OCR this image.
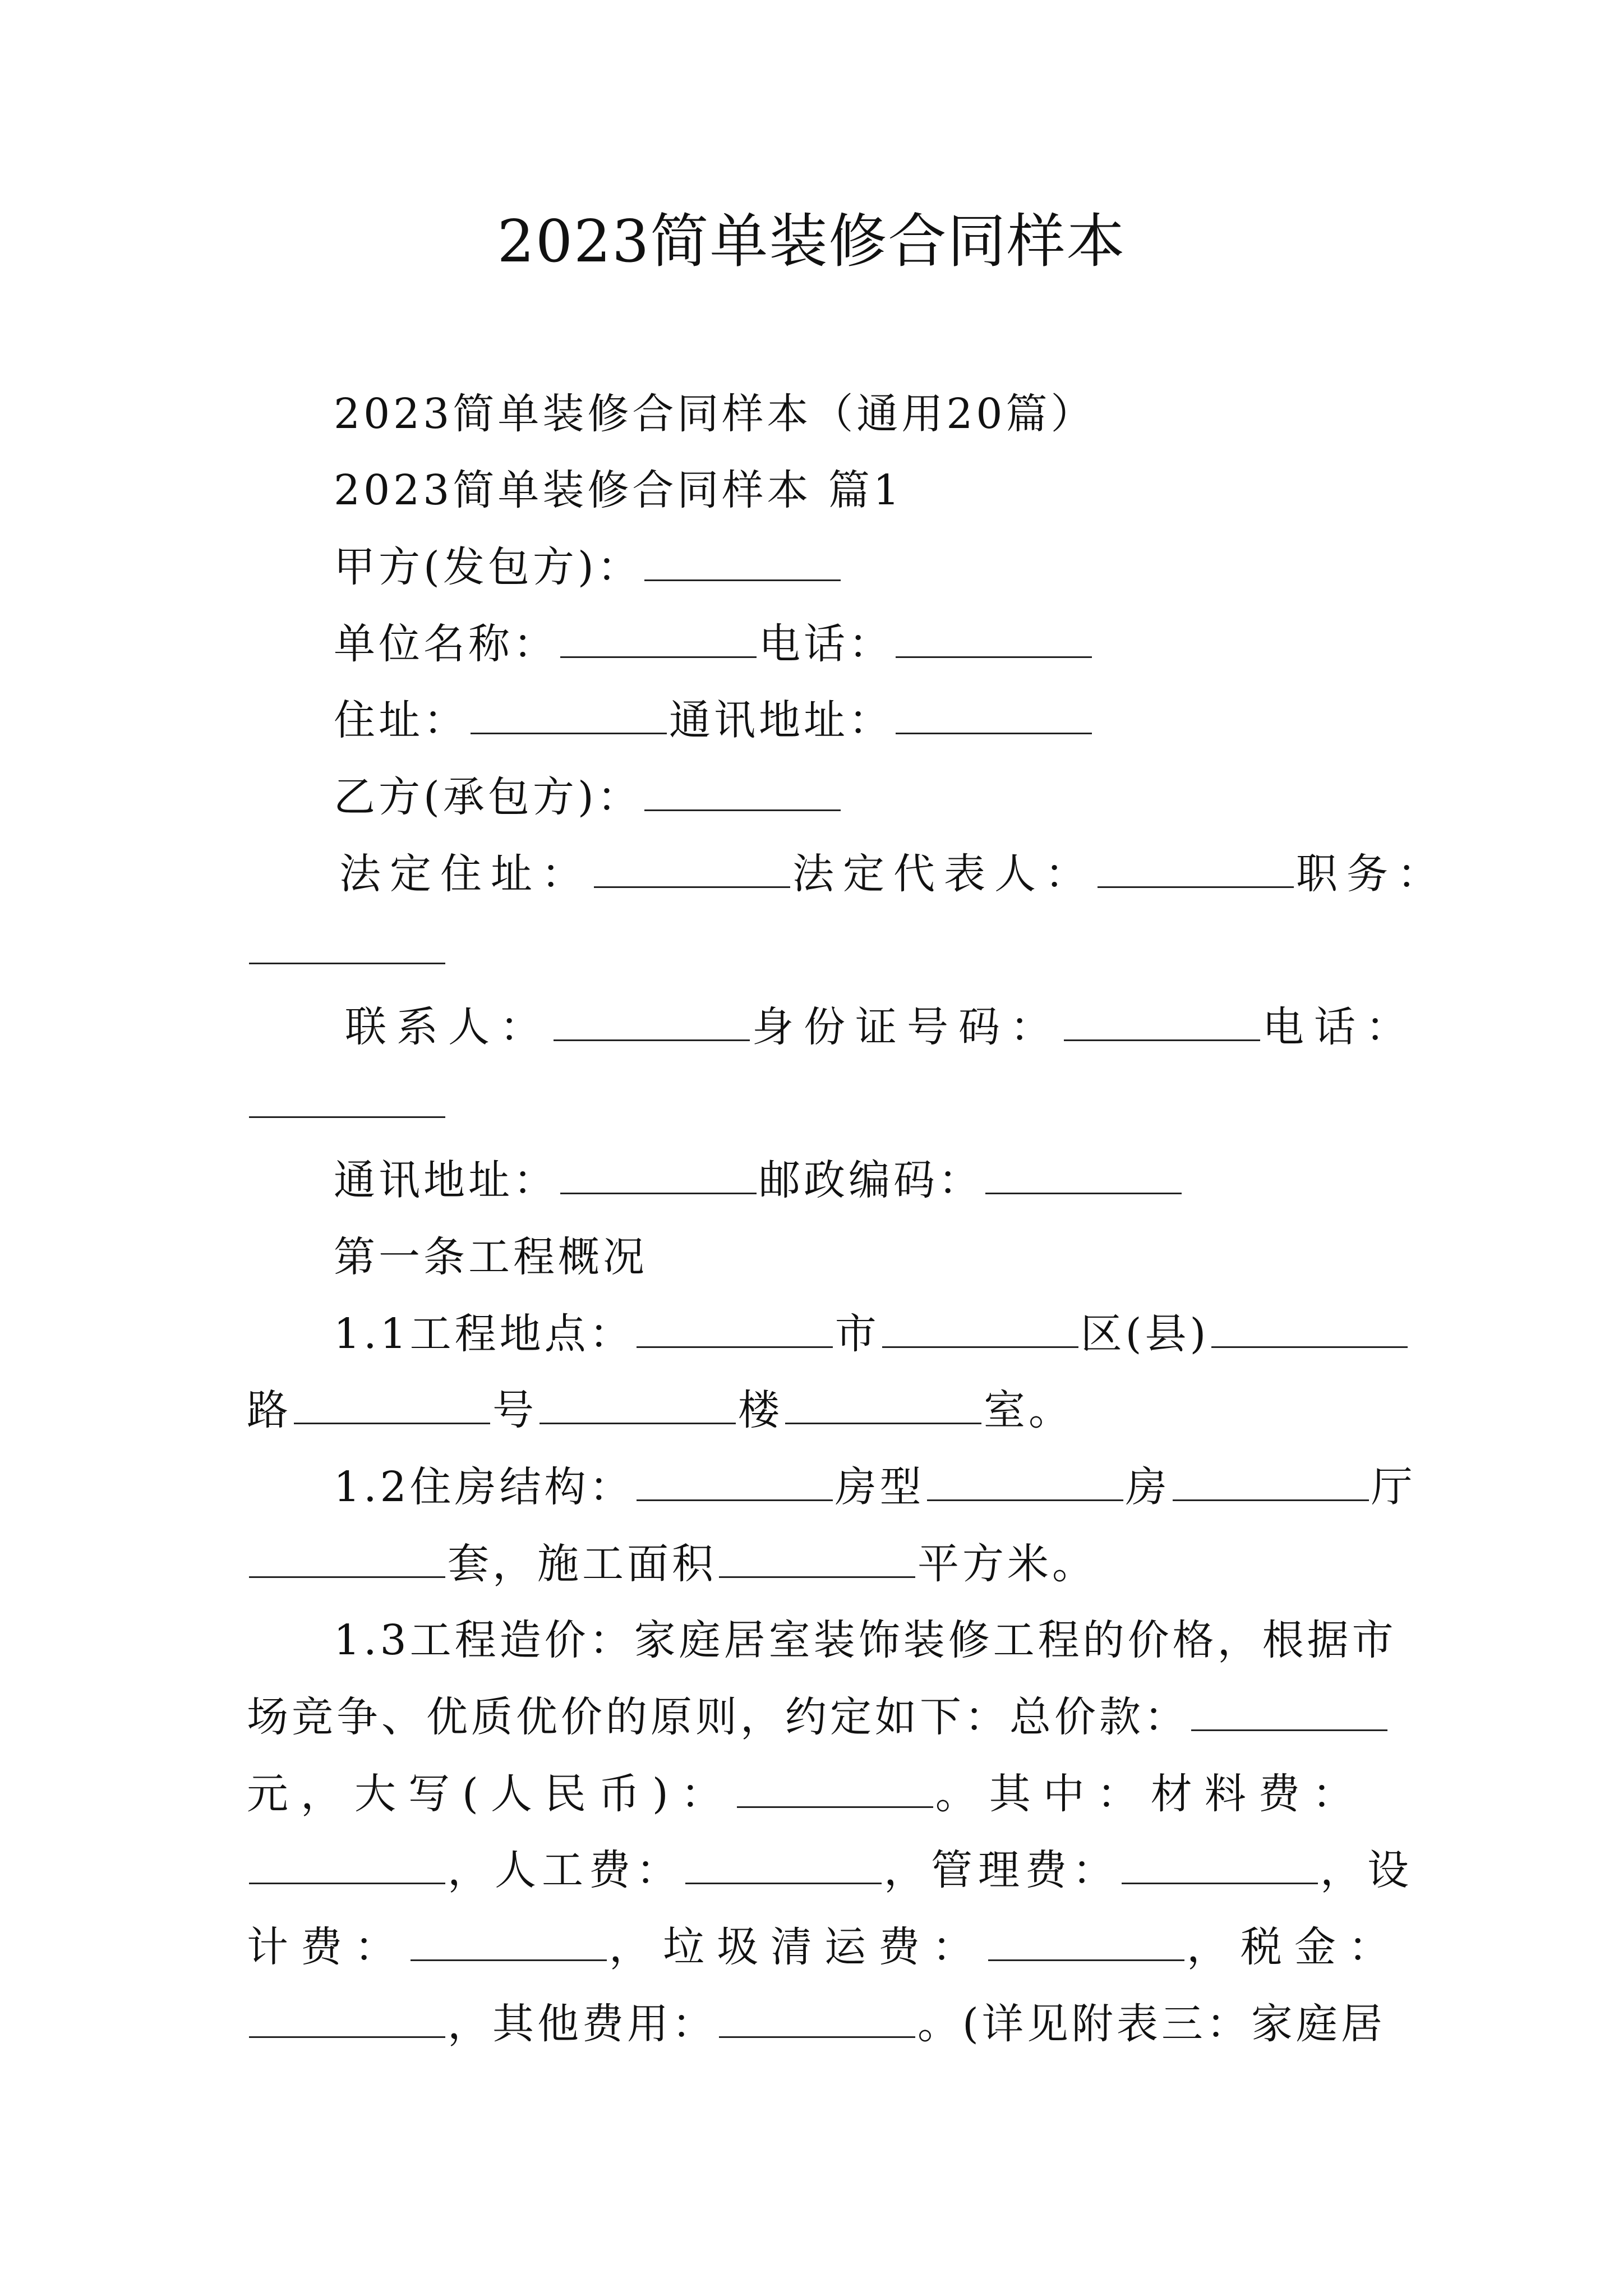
2023简单装修合同样本
2023简单装修合同样本（通用20篇）
2023简单装修合同样本 篇1
甲方(发包方)：
单位名称：	电话：
住址：	通讯地址：
乙方(承包方)：
法定住址：	法定代表人：	职务：
联系人：	身份证号码：	电话：
通讯地址：	邮政编码：
第一条工程概况
1.1工程地点：	市	区(县)
路	号	楼	室。
1.2住房结构：	房型	房	厅
套，施工面积	平方米。
1.3工程造价：家庭居室装饰装修工程的价格，根据市
场竞争、优质优价的原则，约定如下：总价款：
元，大写(人民币)：	。其中：材料费：
，人工费：	，管理费：	，设
计费：	，垃圾清运费：	，税金：
，其他费用：	。(详见附表三：家庭居
